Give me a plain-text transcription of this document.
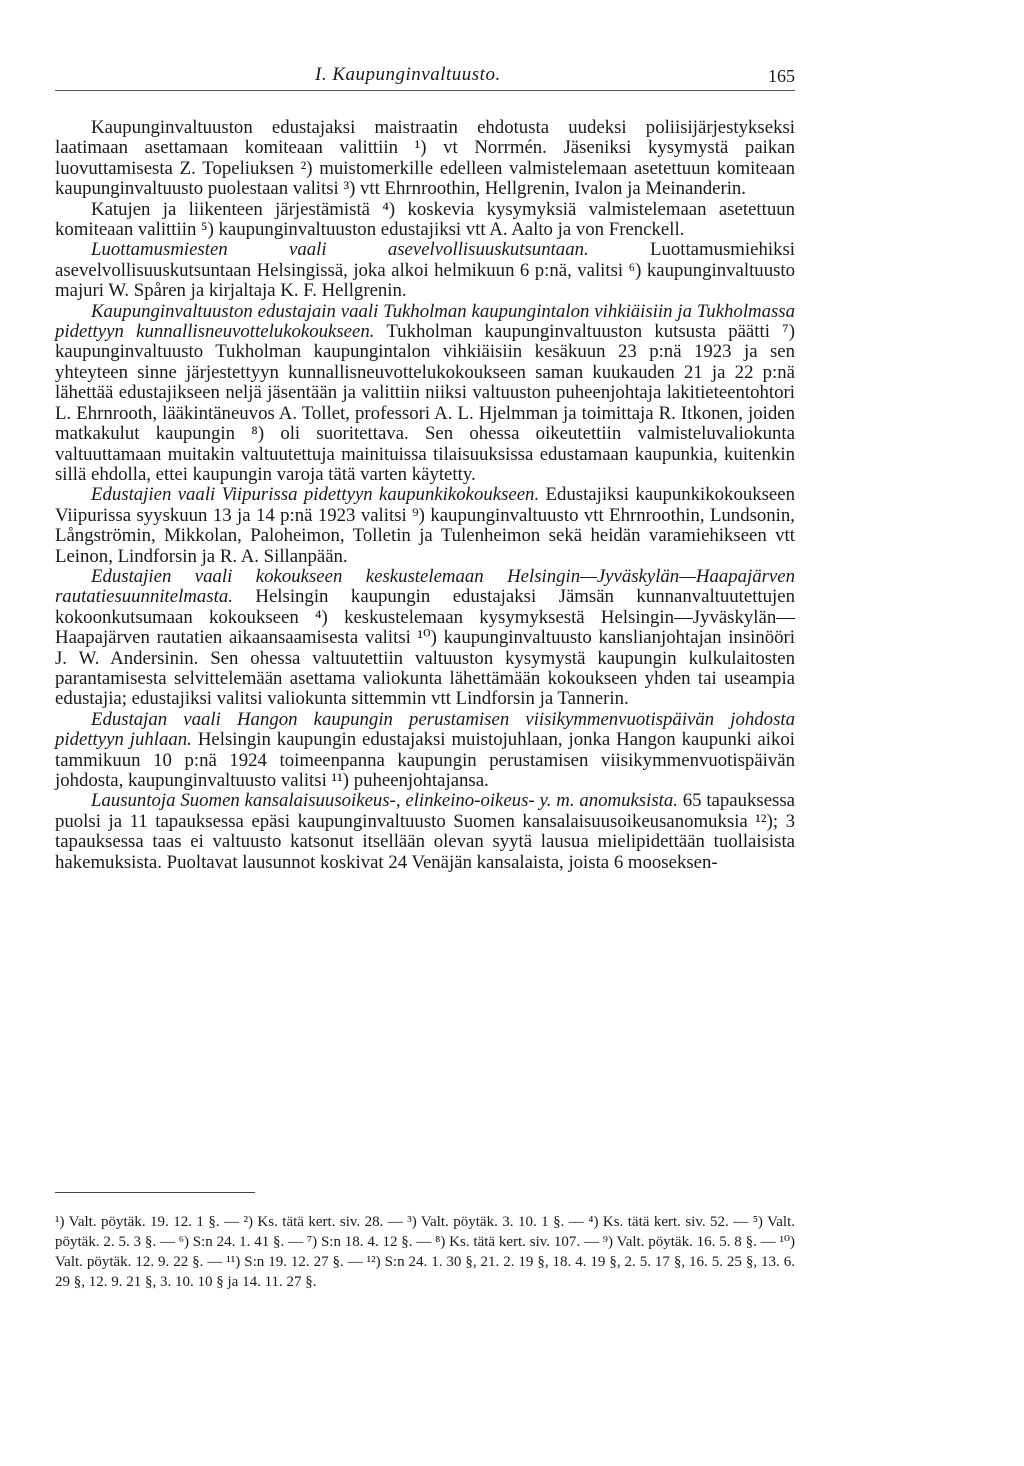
I. Kaupunginvaltuusto.	165

Kaupunginvaltuuston edustajaksi maistraatin ehdotusta uudeksi poliisijärjestykseksi laatimaan asettamaan komiteaan valittiin ¹) vt Norrmén. Jäseniksi kysymystä paikan luovuttamisesta Z. Topeliuksen ²) muistomerkille edelleen valmistelemaan asetettuun komiteaan kaupunginvaltuusto puolestaan valitsi ³) vtt Ehrnroothin, Hellgrenin, Ivalon ja Meinanderin.

Katujen ja liikenteen järjestämistä ⁴) koskevia kysymyksiä valmistelemaan asetettuun komiteaan valittiin ⁵) kaupunginvaltuuston edustajiksi vtt A. Aalto ja von Frenckell.

Luottamusmiesten vaali asevelvollisuuskutsuntaan. Luottamusmiehiksi asevelvollisuuskutsuntaan Helsingissä, joka alkoi helmikuun 6 p:nä, valitsi ⁶) kaupunginvaltuusto majuri W. Spåren ja kirjaltaja K. F. Hellgrenin.

Kaupunginvaltuuston edustajain vaali Tukholman kaupungintalon vihkiäisiin ja Tukholmassa pidettyyn kunnallisneuvottelukokoukseen. Tukholman kaupunginvaltuuston kutsusta päätti ⁷) kaupunginvaltuusto Tukholman kaupungintalon vihkiäisiin kesäkuun 23 p:nä 1923 ja sen yhteyteen sinne järjestettyyn kunnallisneuvottelukokoukseen saman kuukauden 21 ja 22 p:nä lähettää edustajikseen neljä jäsentään ja valittiin niiksi valtuuston puheenjohtaja lakitieteentohtori L. Ehrnrooth, lääkintäneuvos A. Tollet, professori A. L. Hjelmman ja toimittaja R. Itkonen, joiden matkakulut kaupungin ⁸) oli suoritettava. Sen ohessa oikeutettiin valmisteluvaliokunta valtuuttamaan muitakin valtuutettuja mainituissa tilaisuuksissa edustamaan kaupunkia, kuitenkin sillä ehdolla, ettei kaupungin varoja tätä varten käytetty.

Edustajien vaali Viipurissa pidettyyn kaupunkikokoukseen. Edustajiksi kaupunkikokoukseen Viipurissa syyskuun 13 ja 14 p:nä 1923 valitsi ⁹) kaupunginvaltuusto vtt Ehrnroothin, Lundsonin, Långströmin, Mikkolan, Paloheimon, Tolletin ja Tulenheimon sekä heidän varamiehikseen vtt Leinon, Lindforsin ja R. A. Sillanpään.

Edustajien vaali kokoukseen keskustelemaan Helsingin—Jyväskylän—Haapajärven rautatiesuunnitelmasta. Helsingin kaupungin edustajaksi Jämsän kunnanvaltuutettujen kokoonkutsumaan kokoukseen ⁴) keskustelemaan kysymyksestä Helsingin—Jyväskylän—Haapajärven rautatien aikaansaamisesta valitsi ¹⁰) kaupunginvaltuusto kanslianjohtajan insinööri J. W. Andersinin. Sen ohessa valtuutettiin valtuuston kysymystä kaupungin kulkulaitosten parantamisesta selvittelemään asettama valiokunta lähettämään kokoukseen yhden tai useampia edustajia; edustajiksi valitsi valiokunta sittemmin vtt Lindforsin ja Tannerin.

Edustajan vaali Hangon kaupungin perustamisen viisikymmenvuotispäivän johdosta pidettyyn juhlaan. Helsingin kaupungin edustajaksi muistojuhlaan, jonka Hangon kaupunki aikoi tammikuun 10 p:nä 1924 toimeenpanna kaupungin perustamisen viisikymmenvuotispäivän johdosta, kaupunginvaltuusto valitsi ¹¹) puheenjohtajansa.

Lausuntoja Suomen kansalaisuusoikeus-, elinkeino-oikeus- y. m. anomuksista. 65 tapauksessa puolsi ja 11 tapauksessa epäsi kaupunginvaltuusto Suomen kansalaisuusoikeusanomuksia ¹²); 3 tapauksessa taas ei valtuusto katsonut itsellään olevan syytä lausua mielipidettään tuollaisista hakemuksista. Puoltavat lausunnot koskivat 24 Venäjän kansalaista, joista 6 mooseksen-

¹) Valt. pöytäk. 19. 12. 1 §. — ²) Ks. tätä kert. siv. 28. — ³) Valt. pöytäk. 3. 10. 1 §. — ⁴) Ks. tätä kert. siv. 52. — ⁵) Valt. pöytäk. 2. 5. 3 §. — ⁶) S:n 24. 1. 41 §. — ⁷) S:n 18. 4. 12 §. — ⁸) Ks. tätä kert. siv. 107. — ⁹) Valt. pöytäk. 16. 5. 8 §. — ¹⁰) Valt. pöytäk. 12. 9. 22 §. — ¹¹) S:n 19. 12. 27 §. — ¹²) S:n 24. 1. 30 §, 21. 2. 19 §, 18. 4. 19 §, 2. 5. 17 §, 16. 5. 25 §, 13. 6. 29 §, 12. 9. 21 §, 3. 10. 10 § ja 14. 11. 27 §.
